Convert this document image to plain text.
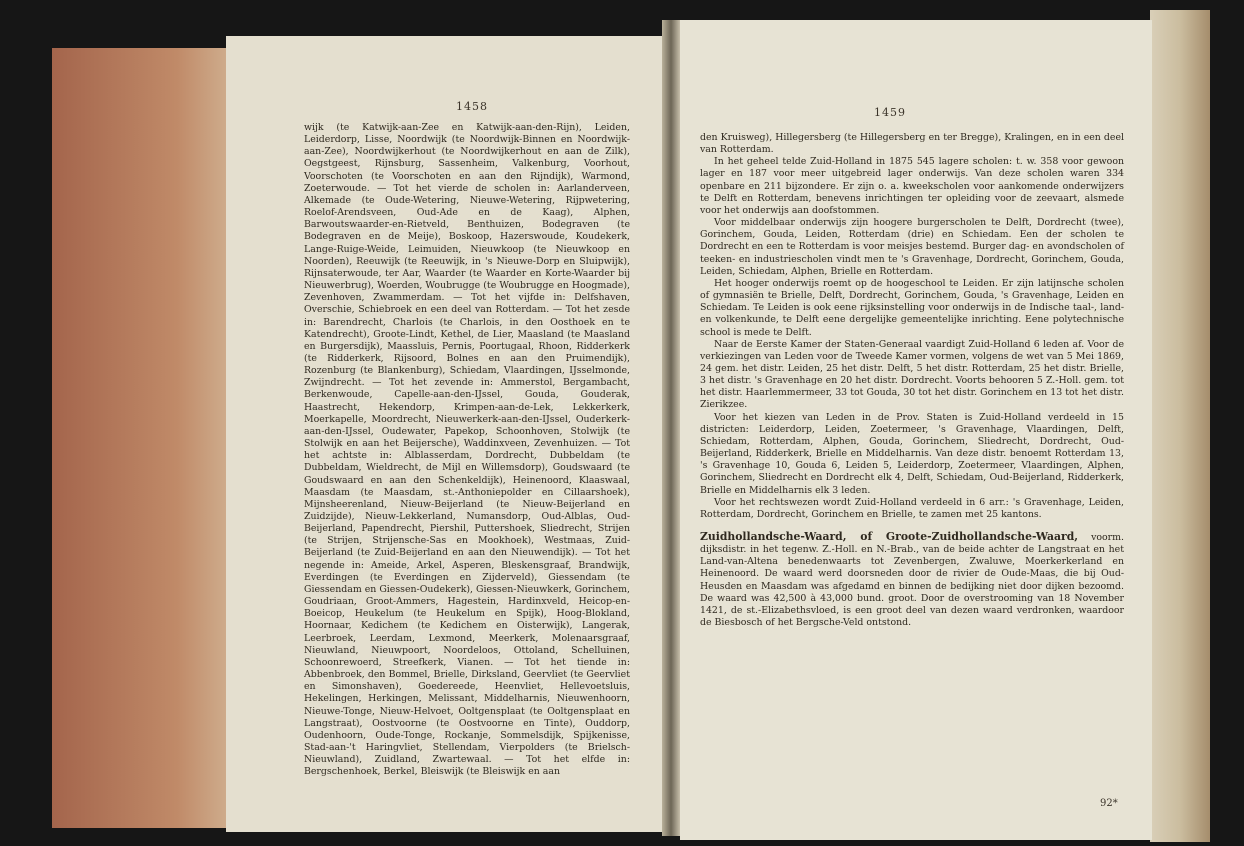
1458

wijk (te Katwijk-aan-Zee en Katwijk-aan-den-Rijn), Leiden, Leiderdorp, Lisse, Noordwijk (te Noordwijk-Binnen en Noordwijk-aan-Zee), Noordwijkerhout (te Noordwijkerhout en aan de Zilk), Oegstgeest, Rijnsburg, Sassenheim, Valkenburg, Voorhout, Voorschoten (te Voorschoten en aan den Rijndijk), Warmond, Zoeterwoude. — Tot het vierde de scholen in: Aarlanderveen, Alkemade (te Oude-Wetering, Nieuwe-Wetering, Rijpwetering, Roelof-Arendsveen, Oud-Ade en de Kaag), Alphen, Barwoutswaarder-en-Rietveld, Benthuizen, Bodegraven (te Bodegraven en de Meije), Boskoop, Hazerswoude, Koudekerk, Lange-Ruige-Weide, Leimuiden, Nieuwkoop (te Nieuwkoop en Noorden), Reeuwijk (te Reeuwijk, in 's Nieuwe-Dorp en Sluipwijk), Rijnsaterwoude, ter Aar, Waarder (te Waarder en Korte-Waarder bij Nieuwerbrug), Woerden, Woubrugge (te Woubrugge en Hoogmade), Zevenhoven, Zwammerdam. — Tot het vijfde in: Delfshaven, Overschie, Schiebroek en een deel van Rotterdam. — Tot het zesde in: Barendrecht, Charlois (te Charlois, in den Oosthoek en te Katendrecht), Groote-Lindt, Kethel, de Lier, Maasland (te Maasland en Burgersdijk), Maassluis, Pernis, Poortugaal, Rhoon, Ridderkerk (te Ridderkerk, Rijsoord, Bolnes en aan den Pruimendijk), Rozenburg (te Blankenburg), Schiedam, Vlaardingen, IJsselmonde, Zwijndrecht. — Tot het zevende in: Ammerstol, Bergambacht, Berkenwoude, Capelle-aan-den-IJssel, Gouda, Gouderak, Haastrecht, Hekendorp, Krimpen-aan-de-Lek, Lekkerkerk, Moerkapelle, Moordrecht, Nieuwerkerk-aan-den-IJssel, Ouderkerk-aan-den-IJssel, Oudewater, Papekop, Schoonhoven, Stolwijk (te Stolwijk en aan het Beijersche), Waddinxveen, Zevenhuizen. — Tot het achtste in: Alblasserdam, Dordrecht, Dubbeldam (te Dubbeldam, Wieldrecht, de Mijl en Willemsdorp), Goudswaard (te Goudswaard en aan den Schenkeldijk), Heinenoord, Klaaswaal, Maasdam (te Maasdam, st.-Anthoniepolder en Cillaarshoek), Mijnsheerenland, Nieuw-Beijerland (te Nieuw-Beijerland en Zuidzijde), Nieuw-Lekkerland, Numansdorp, Oud-Alblas, Oud-Beijerland, Papendrecht, Piershil, Puttershoek, Sliedrecht, Strijen (te Strijen, Strijensche-Sas en Mookhoek), Westmaas, Zuid-Beijerland (te Zuid-Beijerland en aan den Nieuwendijk). — Tot het negende in: Ameide, Arkel, Asperen, Bleskensgraaf, Brandwijk, Everdingen (te Everdingen en Zijderveld), Giessendam (te Giessendam en Giessen-Oudekerk), Giessen-Nieuwkerk, Gorinchem, Goudriaan, Groot-Ammers, Hagestein, Hardinxveld, Heicop-en-Boeicop, Heukelum (te Heukelum en Spijk), Hoog-Blokland, Hoornaar, Kedichem (te Kedichem en Oisterwijk), Langerak, Leerbroek, Leerdam, Lexmond, Meerkerk, Molenaarsgraaf, Nieuwland, Nieuwpoort, Noordeloos, Ottoland, Schelluinen, Schoonrewoerd, Streefkerk, Vianen. — Tot het tiende in: Abbenbroek, den Bommel, Brielle, Dirksland, Geervliet (te Geervliet en Simonshaven), Goedereede, Heenvliet, Hellevoetsluis, Hekelingen, Herkingen, Melissant, Middelharnis, Nieuwenhoorn, Nieuwe-Tonge, Nieuw-Helvoet, Ooltgensplaat (te Ooltgensplaat en Langstraat), Oostvoorne (te Oostvoorne en Tinte), Ouddorp, Oudenhoorn, Oude-Tonge, Rockanje, Sommelsdijk, Spijkenisse, Stad-aan-'t Haringvliet, Stellendam, Vierpolders (te Brielsch-Nieuwland), Zuidland, Zwartewaal. — Tot het elfde in: Bergschenhoek, Berkel, Bleiswijk (te Bleiswijk en aan

1459

den Kruisweg), Hillegersberg (te Hillegersberg en ter Bregge), Kralingen, en in een deel van Rotterdam.

In het geheel telde Zuid-Holland in 1875 545 lagere scholen: t. w. 358 voor gewoon lager en 187 voor meer uitgebreid lager onderwijs. Van deze scholen waren 334 openbare en 211 bijzondere. Er zijn o. a. kweekscholen voor aankomende onderwijzers te Delft en Rotterdam, benevens inrichtingen ter opleiding voor de zeevaart, alsmede voor het onderwijs aan doofstommen.

Voor middelbaar onderwijs zijn hoogere burgerscholen te Delft, Dordrecht (twee), Gorinchem, Gouda, Leiden, Rotterdam (drie) en Schiedam. Een der scholen te Dordrecht en een te Rotterdam is voor meisjes bestemd. Burger dag- en avondscholen of teeken- en industriescholen vindt men te 's Gravenhage, Dordrecht, Gorinchem, Gouda, Leiden, Schiedam, Alphen, Brielle en Rotterdam.

Het hooger onderwijs roemt op de hoogeschool te Leiden. Er zijn latijnsche scholen of gymnasiën te Brielle, Delft, Dordrecht, Gorinchem, Gouda, 's Gravenhage, Leiden en Schiedam. Te Leiden is ook eene rijksinstelling voor onderwijs in de Indische taal-, land- en volkenkunde, te Delft eene dergelijke gemeentelijke inrichting. Eene polytechnische school is mede te Delft.

Naar de Eerste Kamer der Staten-Generaal vaardigt Zuid-Holland 6 leden af. Voor de verkiezingen van Leden voor de Tweede Kamer vormen, volgens de wet van 5 Mei 1869, 24 gem. het distr. Leiden, 25 het distr. Delft, 5 het distr. Rotterdam, 25 het distr. Brielle, 3 het distr. 's Gravenhage en 20 het distr. Dordrecht. Voorts behooren 5 Z.-Holl. gem. tot het distr. Haarlemmermeer, 33 tot Gouda, 30 tot het distr. Gorinchem en 13 tot het distr. Zierikzee.

Voor het kiezen van Leden in de Prov. Staten is Zuid-Holland verdeeld in 15 districten: Leiderdorp, Leiden, Zoetermeer, 's Gravenhage, Vlaardingen, Delft, Schiedam, Rotterdam, Alphen, Gouda, Gorinchem, Sliedrecht, Dordrecht, Oud-Beijerland, Ridderkerk, Brielle en Middelharnis. Van deze distr. benoemt Rotterdam 13, 's Gravenhage 10, Gouda 6, Leiden 5, Leiderdorp, Zoetermeer, Vlaardingen, Alphen, Gorinchem, Sliedrecht en Dordrecht elk 4, Delft, Schiedam, Oud-Beijerland, Ridderkerk, Brielle en Middelharnis elk 3 leden.

Voor het rechtswezen wordt Zuid-Holland verdeeld in 6 arr.: 's Gravenhage, Leiden, Rotterdam, Dordrecht, Gorinchem en Brielle, te zamen met 25 kantons.

Zuidhollandsche-Waard, of Groote-Zuidhollandsche-Waard, voorm. dijksdistr. in het tegenw. Z.-Holl. en N.-Brab., van de beide achter de Langstraat en het Land-van-Altena benedenwaarts tot Zevenbergen, Zwaluwe, Moerkerkerland en Heinenoord. De waard werd doorsneden door de rivier de Oude-Maas, die bij Oud-Heusden en Maasdam was afgedamd en binnen de bedijking niet door dijken bezoomd. De waard was 42,500 à 43,000 bund. groot. Door de overstrooming van 18 November 1421, de st.-Elizabethsvloed, is een groot deel van dezen waard verdronken, waardoor de Biesbosch of het Bergsche-Veld ontstond.

92*
